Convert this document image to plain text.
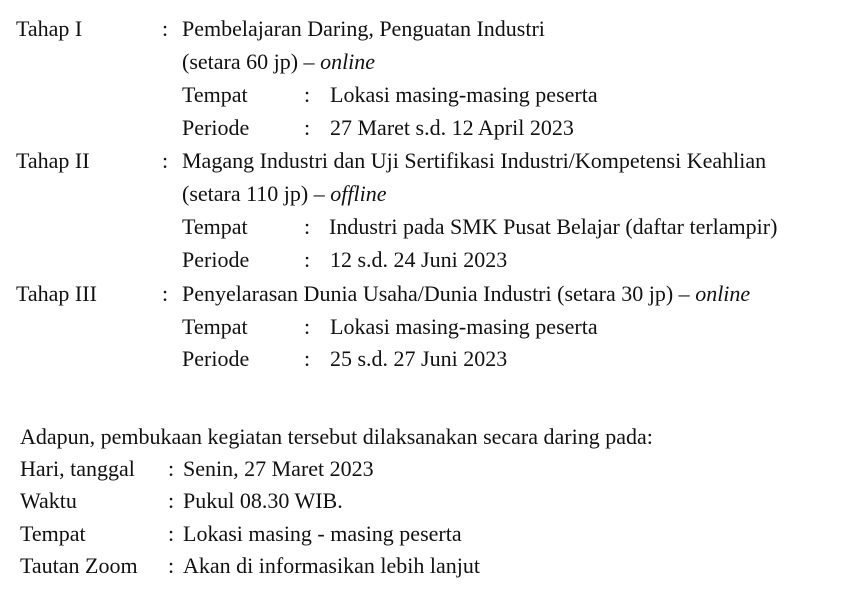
Tahap I	: Pembelajaran Daring, Penguatan Industri
(setara 60 jp) – online
Tempat	: Lokasi masing-masing peserta
Periode : 27 Maret s.d. 12 April 2023
Tahap II	: Magang Industri dan Uji Sertifikasi Industri/Kompetensi Keahlian
(setara 110 jp) – offline
Tempat	: Industri pada SMK Pusat Belajar (daftar terlampir)
Periode : 12 s.d. 24 Juni 2023
Tahap III	: Penyelarasan Dunia Usaha/Dunia Industri (setara 30 jp) – online
Tempat	: Lokasi masing-masing peserta
Periode : 25 s.d. 27 Juni 2023
Adapun, pembukaan kegiatan tersebut dilaksanakan secara daring pada:
Hari, tanggal : Senin, 27 Maret 2023
Waktu	: Pukul 08.30 WIB.
Tempat	: Lokasi masing - masing peserta
Tautan Zoom : Akan di informasikan lebih lanjut
